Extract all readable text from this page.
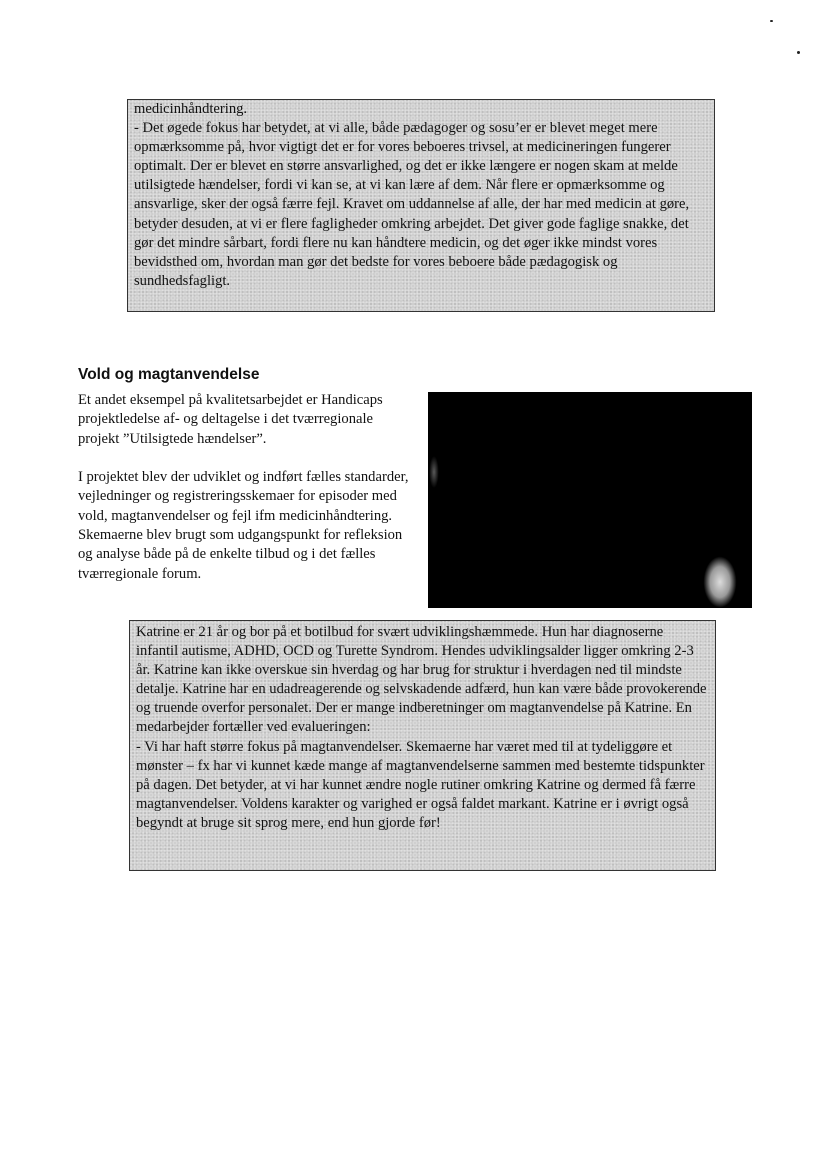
medicinhåndtering.
- Det øgede fokus har betydet, at vi alle, både pædagoger og sosu’er er blevet meget mere opmærksomme på, hvor vigtigt det er for vores beboeres trivsel, at medicineringen fungerer optimalt. Der er blevet en større ansvarlighed, og det er ikke længere er nogen skam at melde utilsigtede hændelser, fordi vi kan se, at vi kan lære af dem. Når flere er opmærksomme og ansvarlige, sker der også færre fejl. Kravet om uddannelse af alle, der har med medicin at gøre, betyder desuden, at vi er flere fagligheder omkring arbejdet. Det giver gode faglige snakke, det gør det mindre sårbart, fordi flere nu kan håndtere medicin, og det øger ikke mindst vores bevidsthed om, hvordan man gør det bedste for vores beboere både pædagogisk og sundhedsfagligt.

Vold og magtanvendelse

Et andet eksempel på kvalitetsarbejdet er Handicaps projektledelse af- og deltagelse i det tværregionale projekt ”Utilsigtede hændelser”.

I projektet blev der udviklet og indført fælles standarder, vejledninger og registreringsskemaer for episoder med vold, magtanvendelser og fejl ifm medicinhåndtering. Skemaerne blev brugt som udgangspunkt for refleksion og analyse både på de enkelte tilbud og i det fælles tværregionale forum.

Katrine er 21 år og bor på et botilbud for svært udviklingshæmmede. Hun har diagnoserne infantil autisme, ADHD, OCD og Turette Syndrom. Hendes udviklingsalder ligger omkring 2-3 år. Katrine kan ikke overskue sin hverdag og har brug for struktur i hverdagen ned til mindste detalje. Katrine har en udadreagerende og selvskadende adfærd, hun kan være både provokerende og truende overfor personalet. Der er mange indberetninger om magtanvendelse på Katrine. En medarbejder fortæller ved evalueringen:
- Vi har haft større fokus på magtanvendelser. Skemaerne har været med til at tydeliggøre et mønster – fx har vi kunnet kæde mange af magtanvendelserne sammen med bestemte tidspunkter på dagen. Det betyder, at vi har kunnet ændre nogle rutiner omkring Katrine og dermed få færre magtanvendelser. Voldens karakter og varighed er også faldet markant. Katrine er i øvrigt også begyndt at bruge sit sprog mere, end hun gjorde før!
